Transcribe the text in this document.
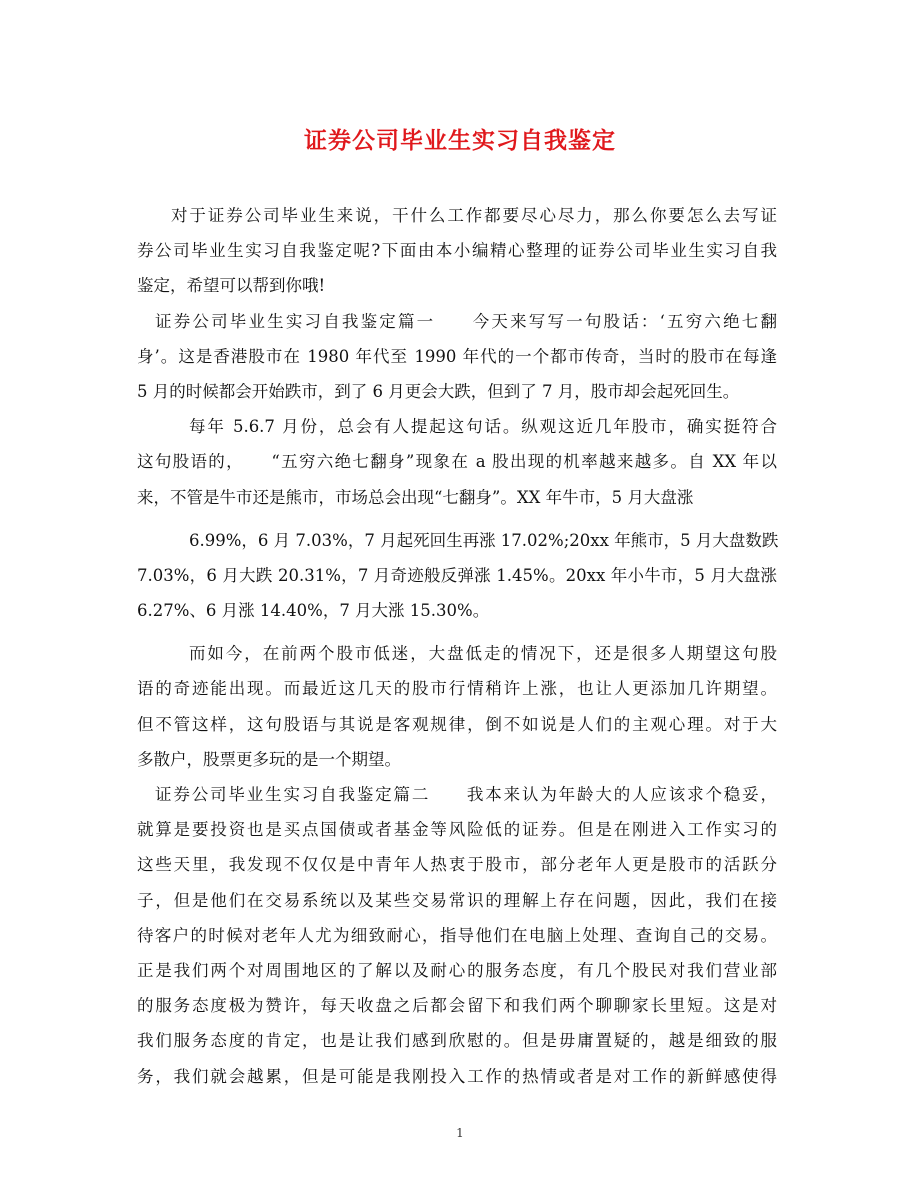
证券公司毕业生实习自我鉴定
对于证券公司毕业生来说，干什么工作都要尽心尽力，那么你要怎么去写证
券公司毕业生实习自我鉴定呢?下面由本小编精心整理的证券公司毕业生实习自我
鉴定，希望可以帮到你哦!
证券公司毕业生实习自我鉴定篇一　　今天来写写一句股话：‘五穷六绝七翻
身’。这是香港股市在 1980 年代至 1990 年代的一个都市传奇，当时的股市在每逢
5 月的时候都会开始跌市，到了 6 月更会大跌，但到了 7 月，股市却会起死回生。
每年 5.6.7 月份，总会有人提起这句话。纵观这近几年股市，确实挺符合
这句股语的，　　“五穷六绝七翻身”现象在 a 股出现的机率越来越多。自 XX 年以
来，不管是牛市还是熊市，市场总会出现“七翻身”。XX 年牛市，5 月大盘涨
6.99%，6 月 7.03%，7 月起死回生再涨 17.02%;20xx 年熊市，5 月大盘数跌
7.03%，6 月大跌 20.31%，7 月奇迹般反弹涨 1.45%。20xx 年小牛市，5 月大盘涨
6.27%、6 月涨 14.40%，7 月大涨 15.30%。
而如今，在前两个股市低迷，大盘低走的情况下，还是很多人期望这句股
语的奇迹能出现。而最近这几天的股市行情稍许上涨，也让人更添加几许期望。
但不管这样，这句股语与其说是客观规律，倒不如说是人们的主观心理。对于大
多散户，股票更多玩的是一个期望。
证券公司毕业生实习自我鉴定篇二　　我本来认为年龄大的人应该求个稳妥，
就算是要投资也是买点国债或者基金等风险低的证券。但是在刚进入工作实习的
这些天里，我发现不仅仅是中青年人热衷于股市，部分老年人更是股市的活跃分
子，但是他们在交易系统以及某些交易常识的理解上存在问题，因此，我们在接
待客户的时候对老年人尤为细致耐心，指导他们在电脑上处理、查询自己的交易。
正是我们两个对周围地区的了解以及耐心的服务态度，有几个股民对我们营业部
的服务态度极为赞许，每天收盘之后都会留下和我们两个聊聊家长里短。这是对
我们服务态度的肯定，也是让我们感到欣慰的。但是毋庸置疑的，越是细致的服
务，我们就会越累，但是可能是我刚投入工作的热情或者是对工作的新鲜感使得
1
